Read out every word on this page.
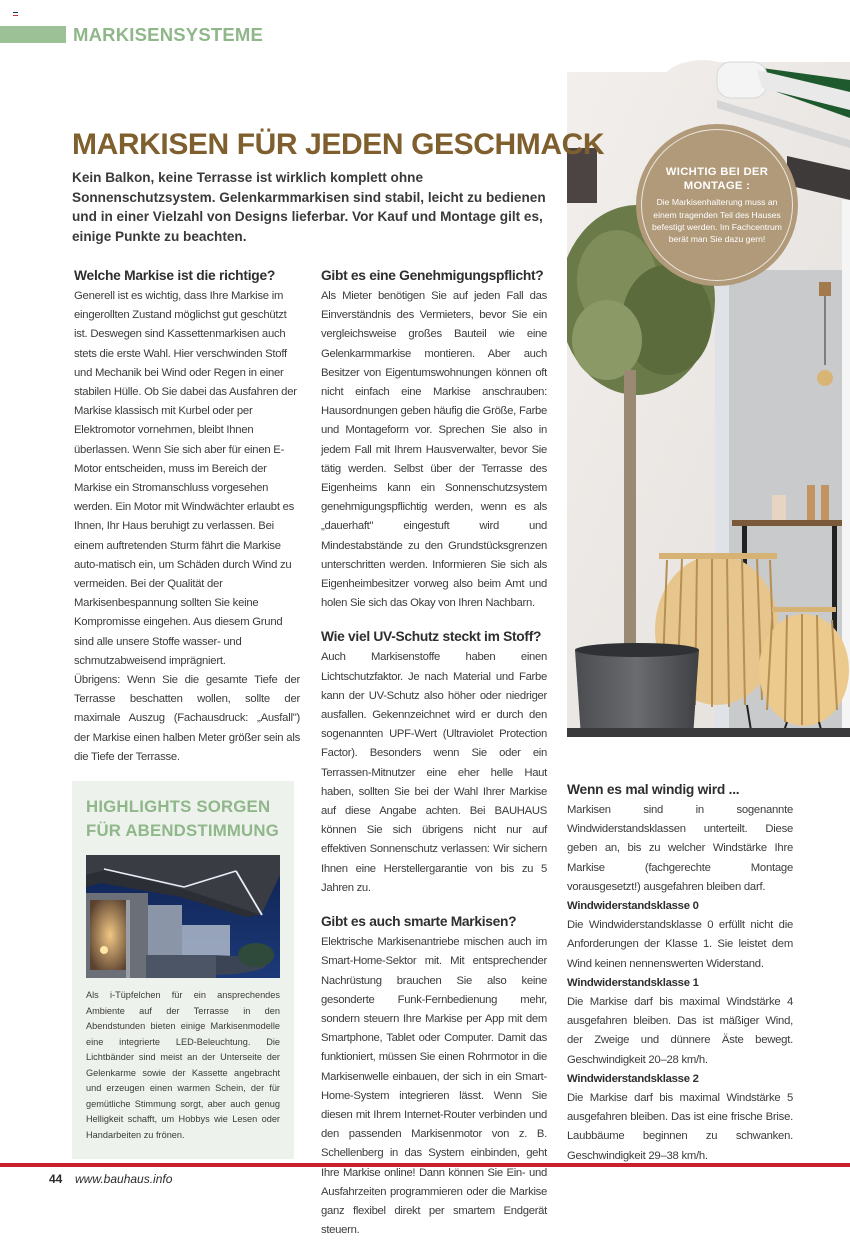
MARKISENSYSTEME
MARKISEN FÜR JEDEN GESCHMACK

Kein Balkon, keine Terrasse ist wirklich komplett ohne Sonnenschutzsystem. Gelenkarmmarkisen sind stabil, leicht zu bedienen und in einer Vielzahl von Designs lieferbar. Vor Kauf und Montage gilt es, einige Punkte zu beachten.

Welche Markise ist die richtige?

Generell ist es wichtig, dass Ihre Markise im eingerollten Zustand möglichst gut geschützt ist. Deswegen sind Kassettenmarkisen auch stets die erste Wahl. Hier verschwinden Stoff und Mechanik bei Wind oder Regen in einer stabilen Hülle. Ob Sie dabei das Ausfahren der Markise klassisch mit Kurbel oder per Elektromotor vornehmen, bleibt Ihnen überlassen. Wenn Sie sich aber für einen E-Motor entscheiden, muss im Bereich der Markise ein Stromanschluss vorgesehen werden. Ein Motor mit Windwächter erlaubt es Ihnen, Ihr Haus beruhigt zu verlassen. Bei einem auftretenden Sturm fährt die Markise auto-matisch ein, um Schäden durch Wind zu vermeiden. Bei der Qualität der Markisenbespannung sollten Sie keine Kompromisse eingehen. Aus diesem Grund sind alle unsere Stoffe wasser- und schmutzabweisend imprägniert.

Übrigens: Wenn Sie die gesamte Tiefe der Terrasse beschatten wollen, sollte der maximale Auszug (Fachausdruck: „Ausfall") der Markise einen halben Meter größer sein als die Tiefe der Terrasse.

HIGHLIGHTS SORGEN FÜR ABENDSTIMMUNG

Als i-Tüpfelchen für ein ansprechendes Ambiente auf der Terrasse in den Abendstunden bieten einige Markisenmodelle eine integrierte LED-Beleuchtung. Die Lichtbänder sind meist an der Unterseite der Gelenkarme sowie der Kassette angebracht und erzeugen einen warmen Schein, der für gemütliche Stimmung sorgt, aber auch genug Helligkeit schafft, um Hobbys wie Lesen oder Handarbeiten zu frönen.

Gibt es eine Genehmigungspflicht?

Als Mieter benötigen Sie auf jeden Fall das Einverständnis des Vermieters, bevor Sie ein vergleichsweise großes Bauteil wie eine Gelenkarmmarkise montieren. Aber auch Besitzer von Eigentumswohnungen können oft nicht einfach eine Markise anschrauben: Hausordnungen geben häufig die Größe, Farbe und Montageform vor. Sprechen Sie also in jedem Fall mit Ihrem Hausverwalter, bevor Sie tätig werden. Selbst über der Terrasse des Eigenheims kann ein Sonnenschutzsystem genehmigungspflichtig werden, wenn es als „dauerhaft" eingestuft wird und Mindestabstände zu den Grundstücksgrenzen unterschritten werden. Informieren Sie sich als Eigenheimbesitzer vorweg also beim Amt und holen Sie sich das Okay von Ihren Nachbarn.

Wie viel UV-Schutz steckt im Stoff?

Auch Markisenstoffe haben einen Lichtschutzfaktor. Je nach Material und Farbe kann der UV-Schutz also höher oder niedriger ausfallen. Gekennzeichnet wird er durch den sogenannten UPF-Wert (Ultraviolet Protection Factor). Besonders wenn Sie oder ein Terrassen-Mitnutzer eine eher helle Haut haben, sollten Sie bei der Wahl Ihrer Markise auf diese Angabe achten. Bei BAUHAUS können Sie sich übrigens nicht nur auf effektiven Sonnenschutz verlassen: Wir sichern Ihnen eine Herstellergarantie von bis zu 5 Jahren zu.

Gibt es auch smarte Markisen?

Elektrische Markisenantriebe mischen auch im Smart-Home-Sektor mit. Mit entsprechender Nachrüstung brauchen Sie also keine gesonderte Funk-Fernbedienung mehr, sondern steuern Ihre Markise per App mit dem Smartphone, Tablet oder Computer. Damit das funktioniert, müssen Sie einen Rohrmotor in die Markisenwelle einbauen, der sich in ein Smart-Home-System integrieren lässt. Wenn Sie diesen mit Ihrem Internet-Router verbinden und den passenden Markisenmotor von z. B. Schellenberg in das System einbinden, geht Ihre Markise online! Dann können Sie Ein- und Ausfahrzeiten programmieren oder die Markise ganz flexibel direkt per smartem Endgerät steuern.

WICHTIG BEI DER MONTAGE :
Die Markisenhalterung muss an einem tragenden Teil des Hauses befestigt werden. Im Fachcentrum berät man Sie dazu gern!
Wenn es mal windig wird ...

Markisen sind in sogenannte Windwiderstandsklassen unterteilt. Diese geben an, bis zu welcher Windstärke Ihre Markise (fachgerechte Montage vorausgesetzt!) ausgefahren bleiben darf.

Windwiderstandsklasse 0

Die Windwiderstandsklasse 0 erfüllt nicht die Anforderungen der Klasse 1. Sie leistet dem Wind keinen nennenswerten Widerstand.

Windwiderstandsklasse 1

Die Markise darf bis maximal Windstärke 4 ausgefahren bleiben. Das ist mäßiger Wind, der Zweige und dünnere Äste bewegt. Geschwindigkeit 20–28 km/h.

Windwiderstandsklasse 2

Die Markise darf bis maximal Windstärke 5 ausgefahren bleiben. Das ist eine frische Brise. Laubbäume beginnen zu schwanken. Geschwindigkeit 29–38 km/h.

44 www.bauhaus.info
